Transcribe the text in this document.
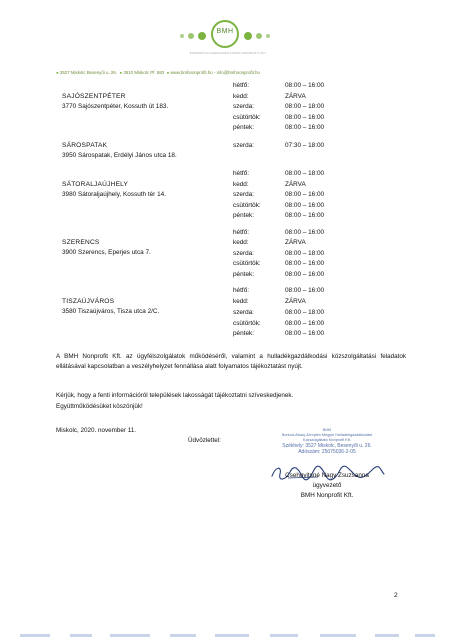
BMH
BORSODHULLADÉKGAZDÁLKODÁSI NONPROFIT KFT
● 3527 Miskolc Besenyői u. 26. ● 3510 Miskolc Pf. 583 ● www.bmhnonprofit.hu - info@bmhnonprofit.hu
SAJÓSZENTPÉTER
3770 Sajószentpéter, Kossuth út 183.
hétfő:	08:00 – 16:00
kedd:	ZÁRVA
szerda:	08:00 – 18:00
csütörtök:	08:00 – 16:00
péntek:	08:00 – 16:00
SÁROSPATAK
3950 Sárospatak, Erdélyi János utca 18.
szerda:	07:30 – 18:00
SÁTORALJAÚJHELY
3980 Sátoraljaújhely, Kossuth tér 14.
hétfő:	08:00 – 18:00
kedd:	ZÁRVA
szerda:	08:00 – 16:00
csütörtök:	08:00 – 16:00
péntek:	08:00 – 16:00
SZERENCS
3900 Szerencs, Eperjes utca 7.
hétfő:	08:00 – 16:00
kedd:	ZÁRVA
szerda:	08:00 – 18:00
csütörtök:	08:00 – 16:00
péntek:	08:00 – 16:00
TISZAÚJVÁROS
3580 Tiszaújváros, Tisza utca 2/C.
hétfő:	08:00 – 16:00
kedd:	ZÁRVA
szerda:	08:00 – 18:00
csütörtök:	08:00 – 16:00
péntek:	08:00 – 16:00
A BMH Nonprofit Kft. az ügyfélszolgálatok működéséről, valamint a hulladékgazdálkodási közszolgáltatási feladatok ellátásával kapcsolatban a veszélyhelyzet fennállása alatt folyamatos tájékoztatást nyújt.
Kérjük, hogy a fenti információról települések lakosságát tájékoztatni szíveskedjenek.
Együttműködésüket köszönjük!
Miskolc, 2020. november 11.
Üdvözlettel:
BMH
Borsod-Abaúj-Zemplén Megyei Hulladékgazdálkodási
Közszolgáltató Nonprofit Kft.
Székhely: 3527 Miskolc, Besenyői u. 26.
Adószám: 25075036-2-05
Csehovitsné Nagy Zsuzsanna
ügyvezető
BMH Nonprofit Kft.
2
